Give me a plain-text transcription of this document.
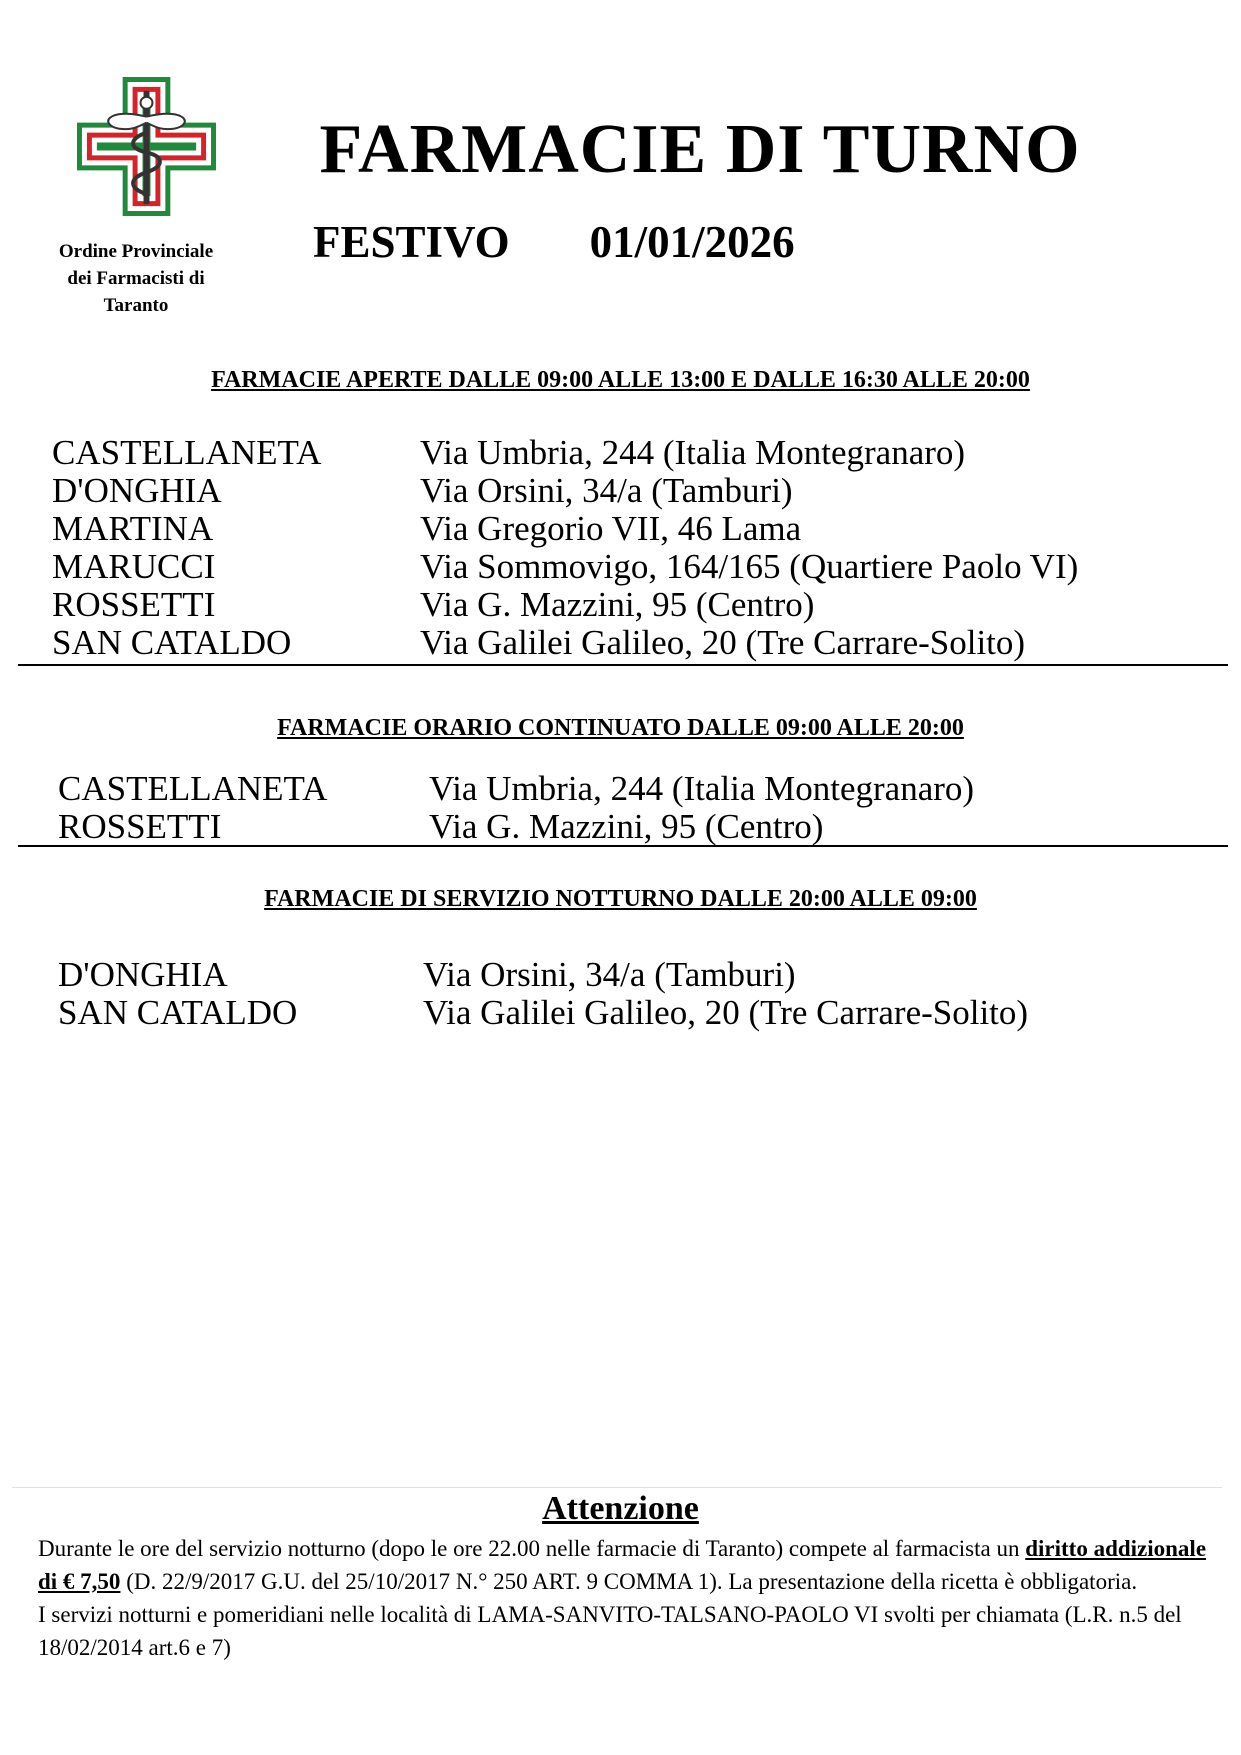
Ordine Provinciale
dei Farmacisti di
Taranto
FARMACIE DI TURNO
FESTIVO 01/01/2026
FARMACIE APERTE DALLE 09:00 ALLE 13:00 E DALLE 16:30 ALLE 20:00
CASTELLANETA	Via Umbria, 244 (Italia Montegranaro)
D'ONGHIA	Via Orsini, 34/a (Tamburi)
MARTINA	Via Gregorio VII, 46 Lama
MARUCCI	Via Sommovigo, 164/165 (Quartiere Paolo VI)
ROSSETTI	Via G. Mazzini, 95 (Centro)
SAN CATALDO	Via Galilei Galileo, 20 (Tre Carrare-Solito)
FARMACIE ORARIO CONTINUATO DALLE 09:00 ALLE 20:00
CASTELLANETA	Via Umbria, 244 (Italia Montegranaro)
ROSSETTI	Via G. Mazzini, 95 (Centro)
FARMACIE DI SERVIZIO NOTTURNO DALLE 20:00 ALLE 09:00
D'ONGHIA	Via Orsini, 34/a (Tamburi)
SAN CATALDO	Via Galilei Galileo, 20 (Tre Carrare-Solito)
Attenzione

Durante le ore del servizio notturno (dopo le ore 22.00 nelle farmacie di Taranto) compete al farmacista un diritto addizionale di € 7,50 (D. 22/9/2017 G.U. del 25/10/2017 N.° 250 ART. 9 COMMA 1). La presentazione della ricetta è obbligatoria.

I servizi notturni e pomeridiani nelle località di LAMA-SANVITO-TALSANO-PAOLO VI svolti per chiamata (L.R. n.5 del 18/02/2014 art.6 e 7)
